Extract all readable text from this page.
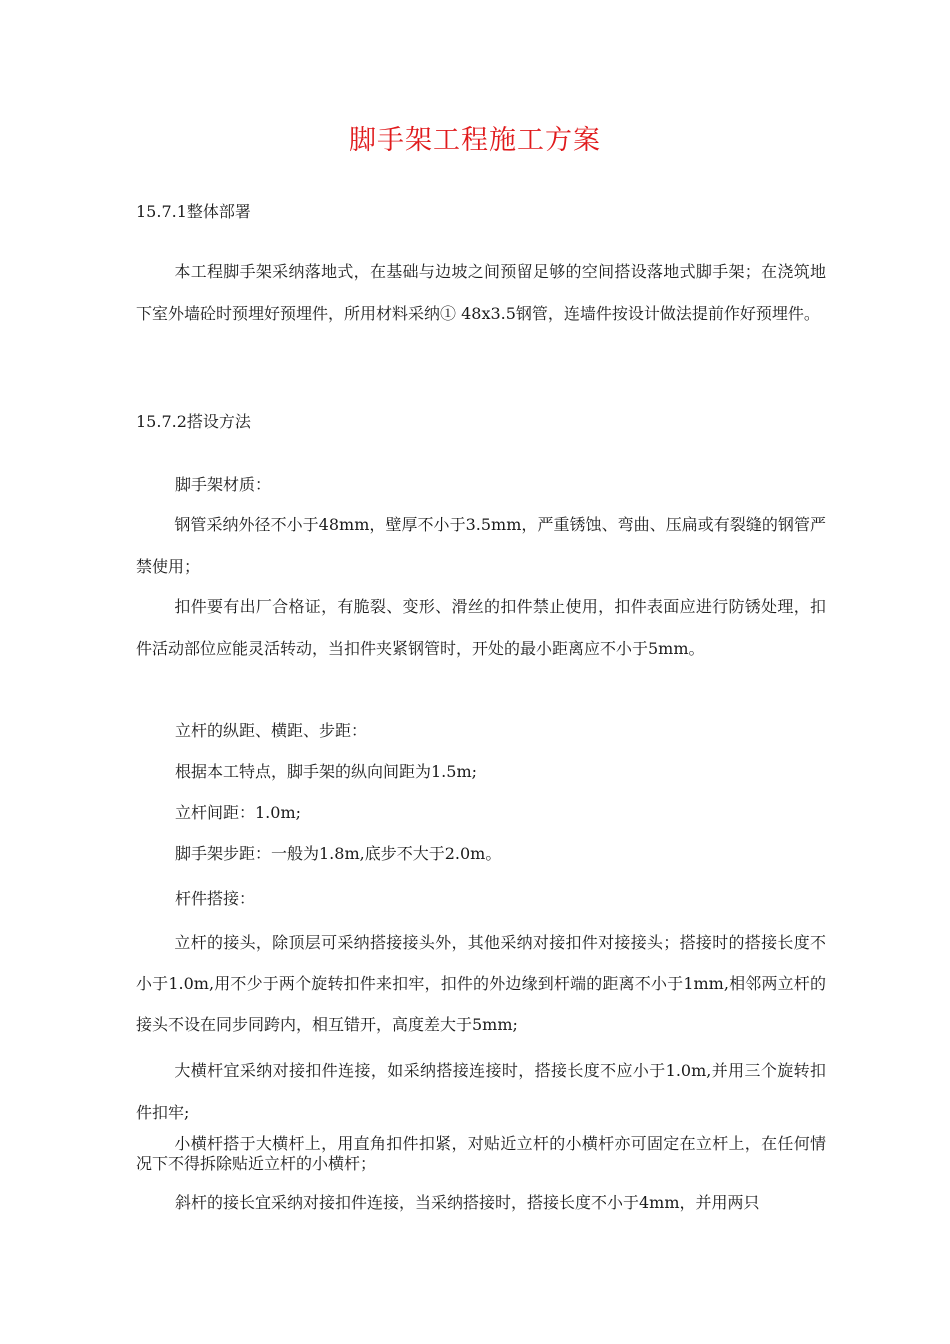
脚手架工程施工方案

15.7.1整体部署

本工程脚手架采纳落地式，在基础与边坡之间预留足够的空间搭设落地式脚手架；在浇筑地下室外墙砼时预埋好预埋件，所用材料采纳① 48x3.5钢管，连墙件按设计做法提前作好预埋件。

15.7.2搭设方法

脚手架材质：

钢管采纳外径不小于48mm，壁厚不小于3.5mm，严重锈蚀、弯曲、压扁或有裂缝的钢管严禁使用；

扣件要有出厂合格证，有脆裂、变形、滑丝的扣件禁止使用，扣件表面应进行防锈处理，扣件活动部位应能灵活转动，当扣件夹紧钢管时，开处的最小距离应不小于5mm。

立杆的纵距、横距、步距：

根据本工特点，脚手架的纵向间距为1.5m;

立杆间距：1.0m;

脚手架步距：一般为1.8m,底步不大于2.0m。

杆件搭接：

立杆的接头，除顶层可采纳搭接接头外，其他采纳对接扣件对接接头；搭接时的搭接长度不小于1.0m,用不少于两个旋转扣件来扣牢，扣件的外边缘到杆端的距离不小于1mm,相邻两立杆的接头不设在同步同跨内，相互错开，高度差大于5mm;

大横杆宜采纳对接扣件连接，如采纳搭接连接时，搭接长度不应小于1.0m,并用三个旋转扣件扣牢;

小横杆搭于大横杆上，用直角扣件扣紧，对贴近立杆的小横杆亦可固定在立杆上，在任何情况下不得拆除贴近立杆的小横杆；

斜杆的接长宜采纳对接扣件连接，当采纳搭接时，搭接长度不小于4mm，并用两只
